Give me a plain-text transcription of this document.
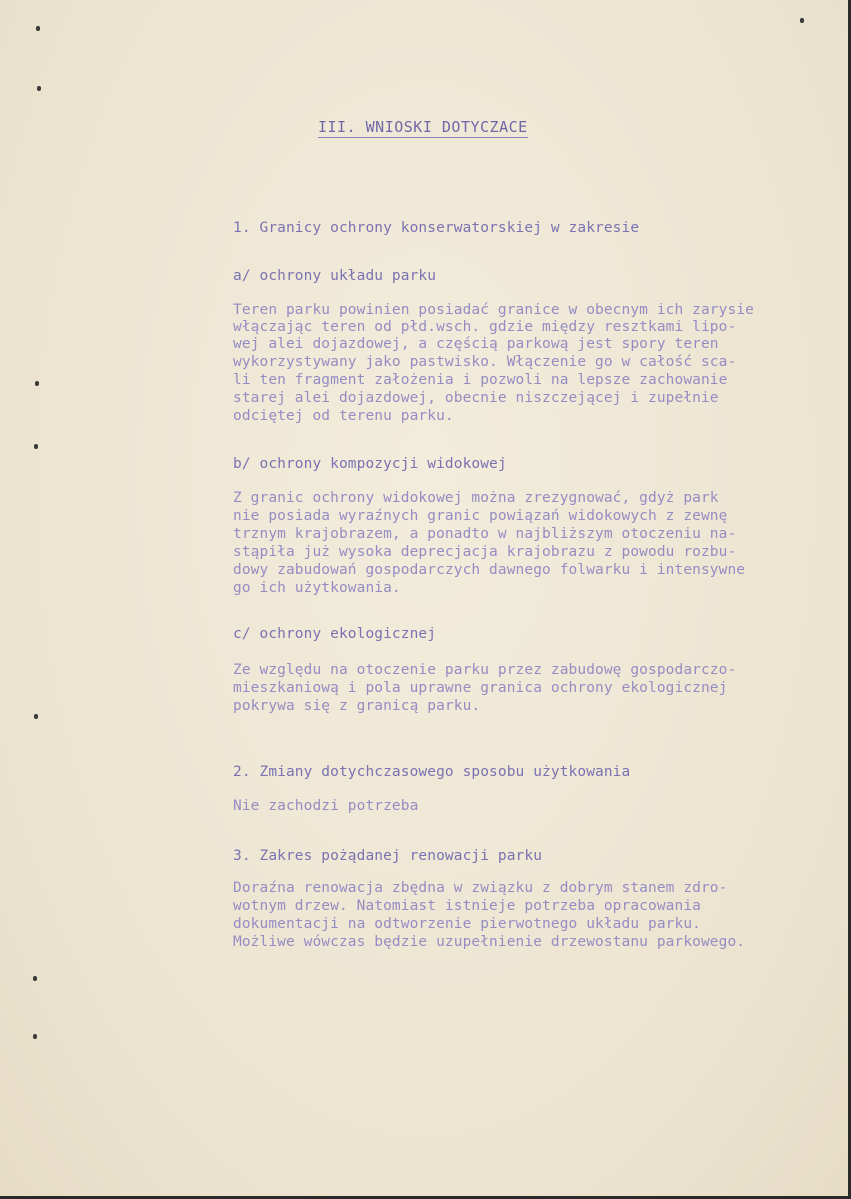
III. WNIOSKI DOTYCZACE
1. Granicy ochrony konserwatorskiej w zakresie
a/ ochrony układu parku
Teren parku powinien posiadać granice w obecnym ich zarysie
włączając teren od płd.wsch. gdzie między resztkami lipo-
wej alei dojazdowej, a częścią parkową jest spory teren
wykorzystywany jako pastwisko. Włączenie go w całość sca-
li ten fragment założenia i pozwoli na lepsze zachowanie
starej alei dojazdowej, obecnie niszczejącej i zupełnie
odciętej od terenu parku.
b/ ochrony kompozycji widokowej
Z granic ochrony widokowej można zrezygnować, gdyż park
nie posiada wyraźnych granic powiązań widokowych z zewnę
trznym krajobrazem, a ponadto w najbliższym otoczeniu na-
stąpiła już wysoka deprecjacja krajobrazu z powodu rozbu-
dowy zabudowań gospodarczych dawnego folwarku i intensywne
go ich użytkowania.
c/ ochrony ekologicznej
Ze względu na otoczenie parku przez zabudowę gospodarczo-
mieszkaniową i pola uprawne granica ochrony ekologicznej
pokrywa się z granicą parku.
2. Zmiany dotychczasowego sposobu użytkowania
Nie zachodzi potrzeba
3. Zakres pożądanej renowacji parku
Doraźna renowacja zbędna w związku z dobrym stanem zdro-
wotnym drzew. Natomiast istnieje potrzeba opracowania
dokumentacji na odtworzenie pierwotnego układu parku.
Możliwe wówczas będzie uzupełnienie drzewostanu parkowego.
